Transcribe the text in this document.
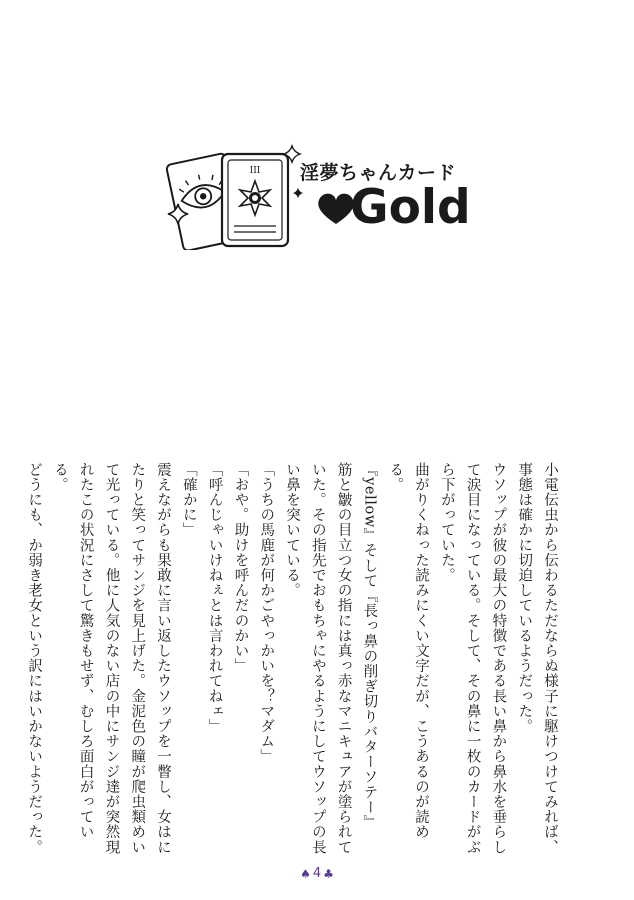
III 淫夢ちゃんカード
Gold

小電伝虫から伝わるただならぬ様子に駆けつけてみれば、事態は確かに切迫しているようだった。

ウソップが彼の最大の特徴である長い鼻から鼻水を垂らして涙目になっている。そして、その鼻に一枚のカードがぶら下がっていた。

曲がりくねった読みにくい文字だが、こうあるのが読める。

『yellow』そして『長っ鼻の削ぎ切りバターソテー』

筋と皺の目立つ女の指には真っ赤なマニキュアが塗られていた。その指先でおもちゃにやるようにしてウソップの長い鼻を突いている。

「うちの馬鹿が何かごやっかいを？マダム」

「おや。助けを呼んだのかい」

「呼んじゃいけねぇとは言われてねェ」

「確かに」

震えながらも果敢に言い返したウソップを一瞥し、女はにたりと笑ってサンジを見上げた。金泥色の瞳が爬虫類めいて光っている。他に人気のない店の中にサンジ達が突然現れたこの状況にさして驚きもせず、むしろ面白がっている。

どうにも、か弱き老女という訳にはいかないようだった。

♠ 4 ♣
